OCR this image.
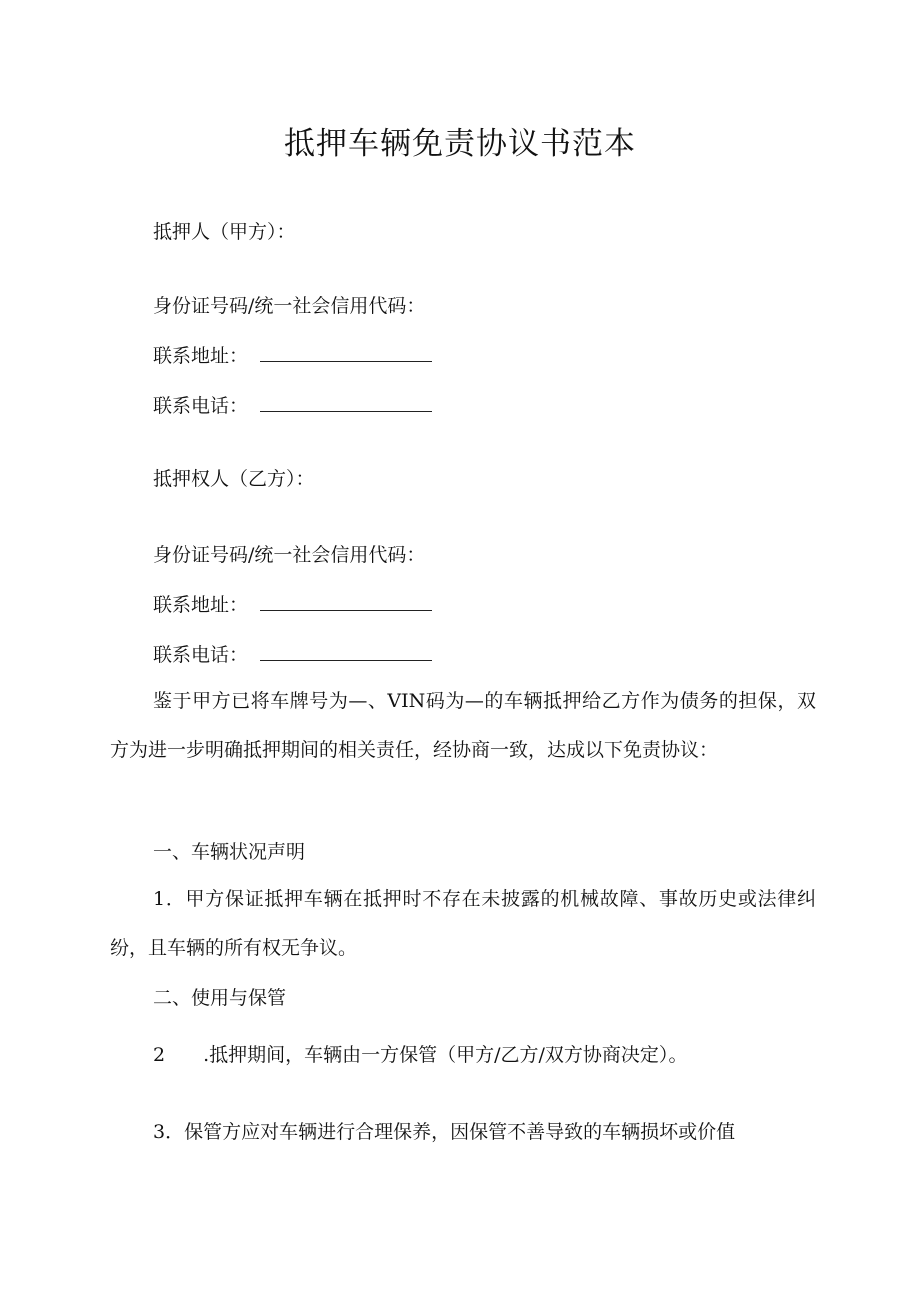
抵押车辆免责协议书范本
抵押人（甲方）：
身份证号码/统一社会信用代码：
联系地址：
联系电话：
抵押权人（乙方）：
身份证号码/统一社会信用代码：
联系地址：
联系电话：
鉴于甲方已将车牌号为—、VIN码为—的车辆抵押给乙方作为债务的担保，双方为进一步明确抵押期间的相关责任，经协商一致，达成以下免责协议：
一、车辆状况声明
1．甲方保证抵押车辆在抵押时不存在未披露的机械故障、事故历史或法律纠纷，且车辆的所有权无争议。
二、使用与保管
2 .抵押期间，车辆由一方保管（甲方/乙方/双方协商决定）。
3．保管方应对车辆进行合理保养，因保管不善导致的车辆损坏或价值
